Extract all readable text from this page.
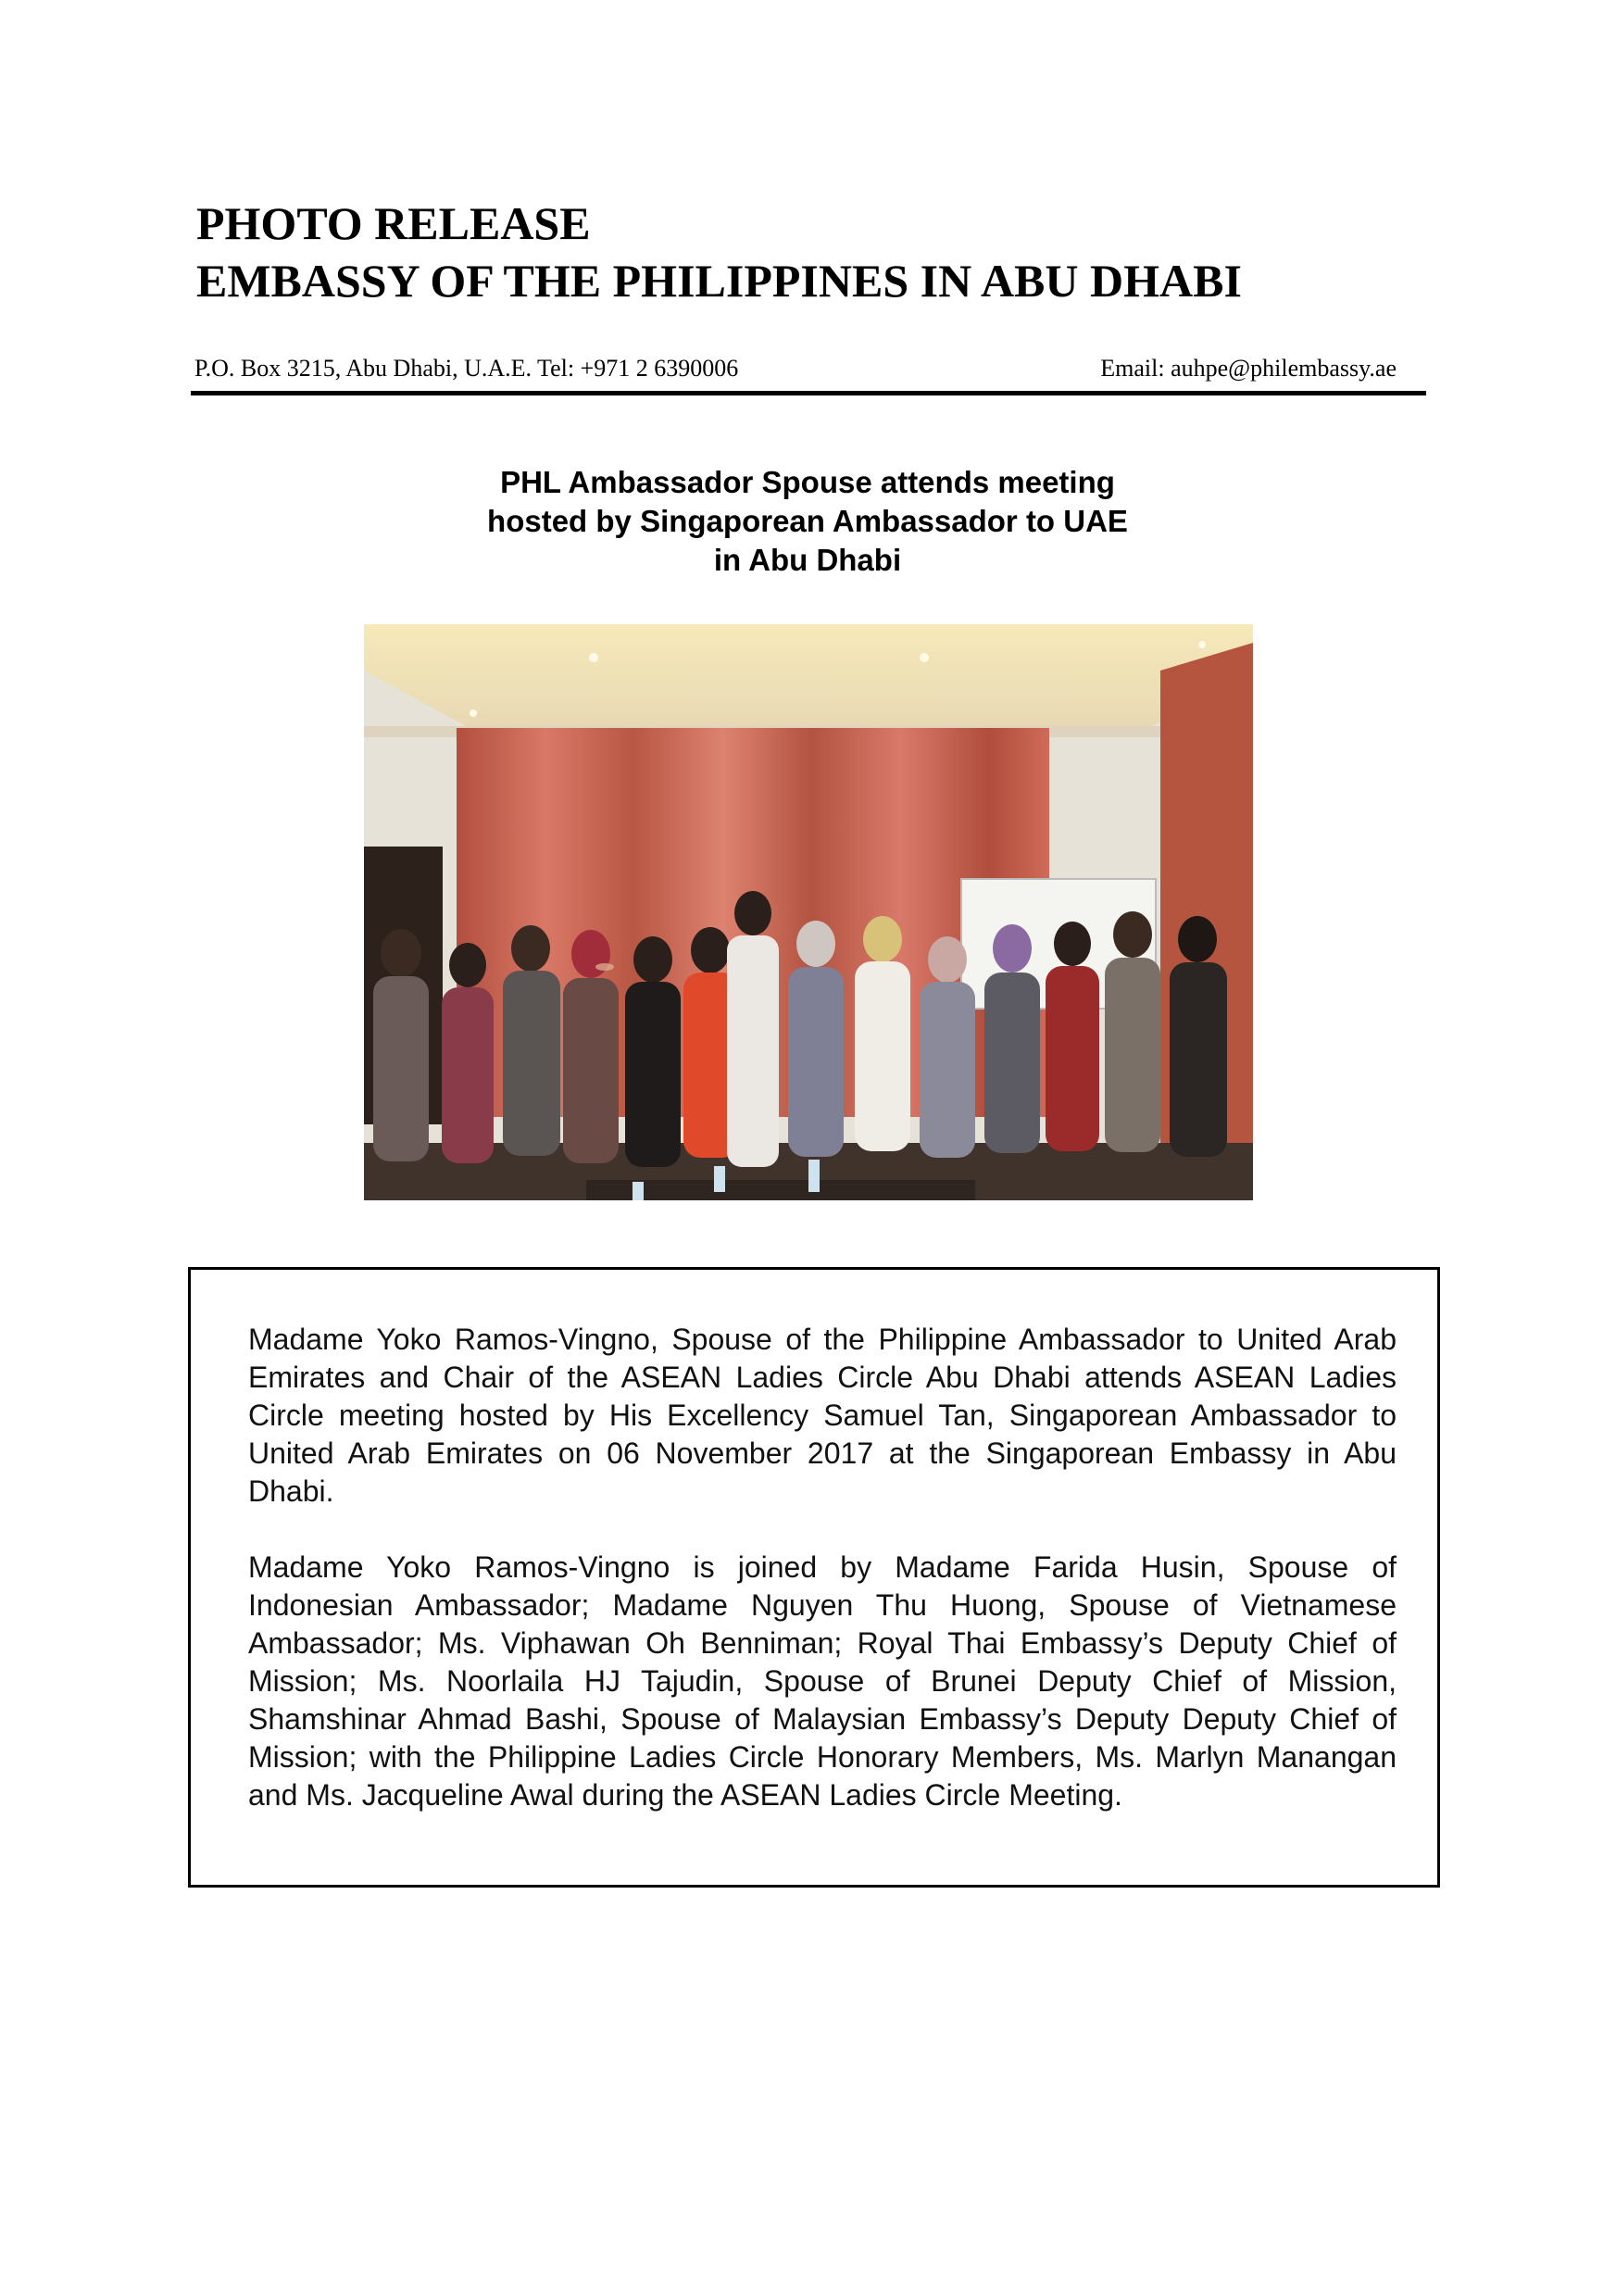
PHOTO RELEASE
EMBASSY OF THE PHILIPPINES IN ABU DHABI
P.O. Box 3215, Abu Dhabi, U.A.E. Tel: +971 2 6390006	Email: auhpe@philembassy.ae
PHL Ambassador Spouse attends meeting
hosted by Singaporean Ambassador to UAE
in Abu Dhabi

Madame Yoko Ramos-Vingno, Spouse of the Philippine Ambassador to United Arab Emirates and Chair of the ASEAN Ladies Circle Abu Dhabi attends ASEAN Ladies Circle meeting hosted by His Excellency Samuel Tan, Singaporean Ambassador to United Arab Emirates on 06 November 2017 at the Singaporean Embassy in Abu Dhabi.

Madame Yoko Ramos-Vingno is joined by Madame Farida Husin, Spouse of Indonesian Ambassador; Madame Nguyen Thu Huong, Spouse of Vietnamese Ambassador; Ms. Viphawan Oh Benniman; Royal Thai Embassy’s Deputy Chief of Mission; Ms. Noorlaila HJ Tajudin, Spouse of Brunei Deputy Chief of Mission, Shamshinar Ahmad Bashi, Spouse of Malaysian Embassy’s Deputy Deputy Chief of Mission; with the Philippine Ladies Circle Honorary Members, Ms. Marlyn Manangan and Ms. Jacqueline Awal during the ASEAN Ladies Circle Meeting.
